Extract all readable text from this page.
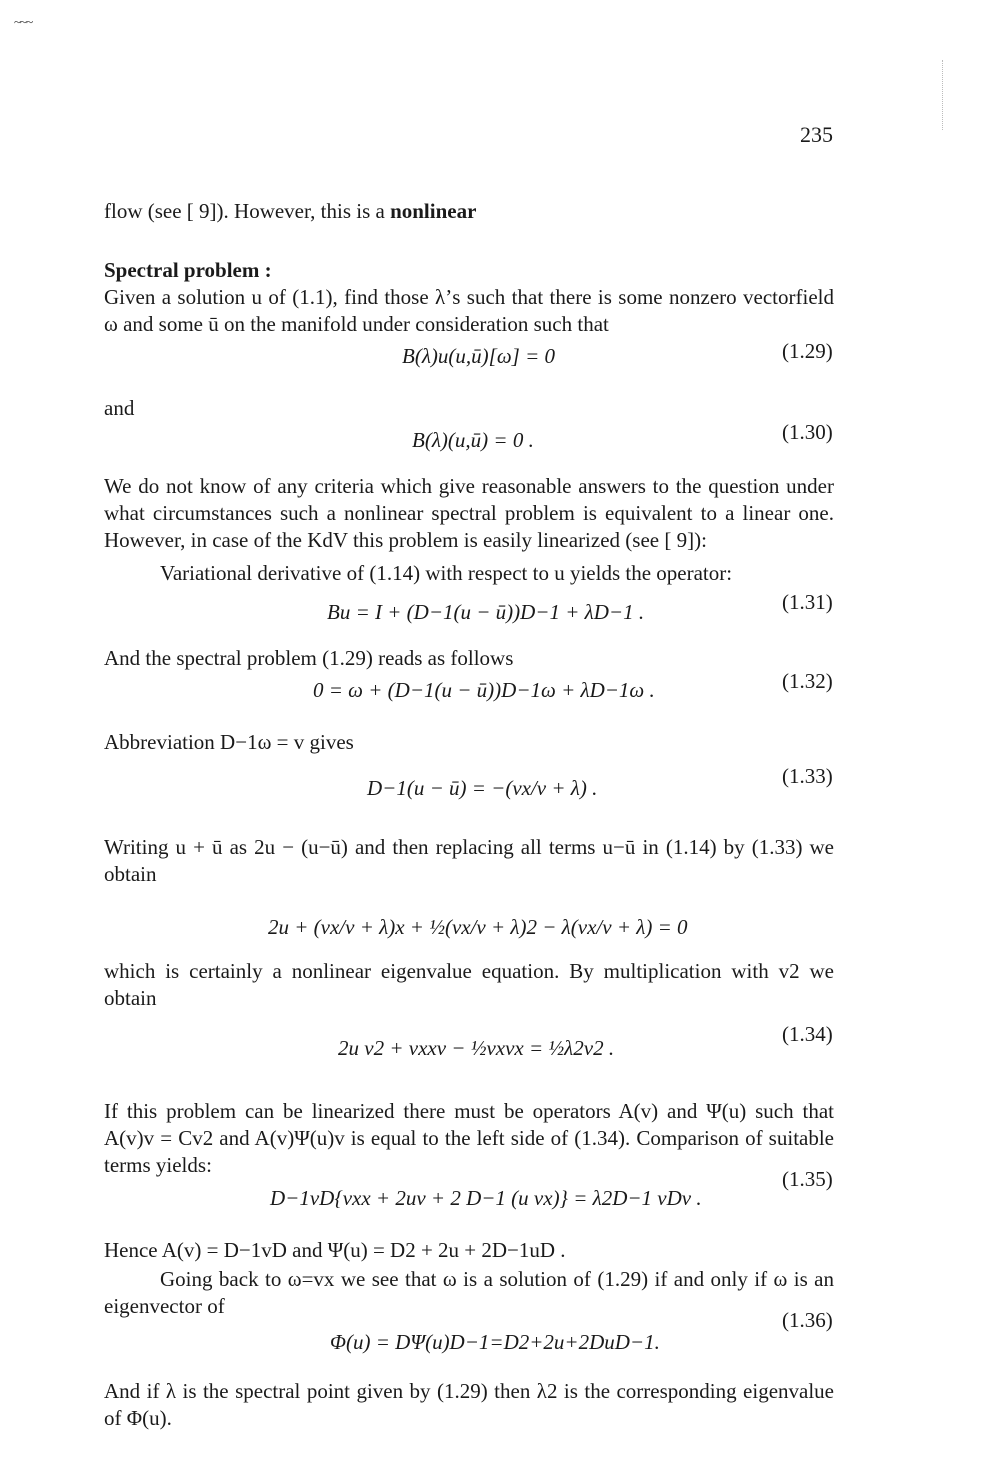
~~~
235
flow (see [ 9]). However, this is a nonlinear
Spectral problem :
Given a solution u of (1.1), find those λ’s such that there is some nonzero vectorfield ω and some ū on the manifold under consideration such that
B(λ)u(u,ū)[ω] = 0	(1.29)
and
B(λ)(u,ū) = 0 .	(1.30)
We do not know of any criteria which give reasonable answers to the question under what circumstances such a nonlinear spectral problem is equivalent to a linear one. However, in case of the KdV this problem is easily linearized (see [ 9]):
Variational derivative of (1.14) with respect to u yields the operator:
Bu = I + (D−1(u − ū))D−1 + λD−1 .	(1.31)
And the spectral problem (1.29) reads as follows
0 = ω + (D−1(u − ū))D−1ω + λD−1ω .	(1.32)
Abbreviation D−1ω = v gives
D−1(u − ū) = −(vx/v + λ) .	(1.33)
Writing u + ū as 2u − (u−ū) and then replacing all terms u−ū in (1.14) by (1.33) we obtain
2u + (vx/v + λ)x + ½(vx/v + λ)2 − λ(vx/v + λ) = 0
which is certainly a nonlinear eigenvalue equation. By multiplication with v2 we obtain
2u v2 + vxxv − ½vxvx = ½λ2v2 .
(1.34)
If this problem can be linearized there must be operators A(v) and Ψ(u) such that A(v)v = Cv2 and A(v)Ψ(u)v is equal to the left side of (1.34). Comparison of suitable terms yields:
D−1vD{vxx + 2uv + 2 D−1 (u vx)} = λ2D−1 vDv .
(1.35)
Hence A(v) = D−1vD and Ψ(u) = D2 + 2u + 2D−1uD .
Going back to ω=vx we see that ω is a solution of (1.29) if and only if ω is an eigenvector of
Φ(u) = DΨ(u)D−1=D2+2u+2DuD−1.
(1.36)
And if λ is the spectral point given by (1.29) then λ2 is the corresponding eigenvalue of Φ(u).
